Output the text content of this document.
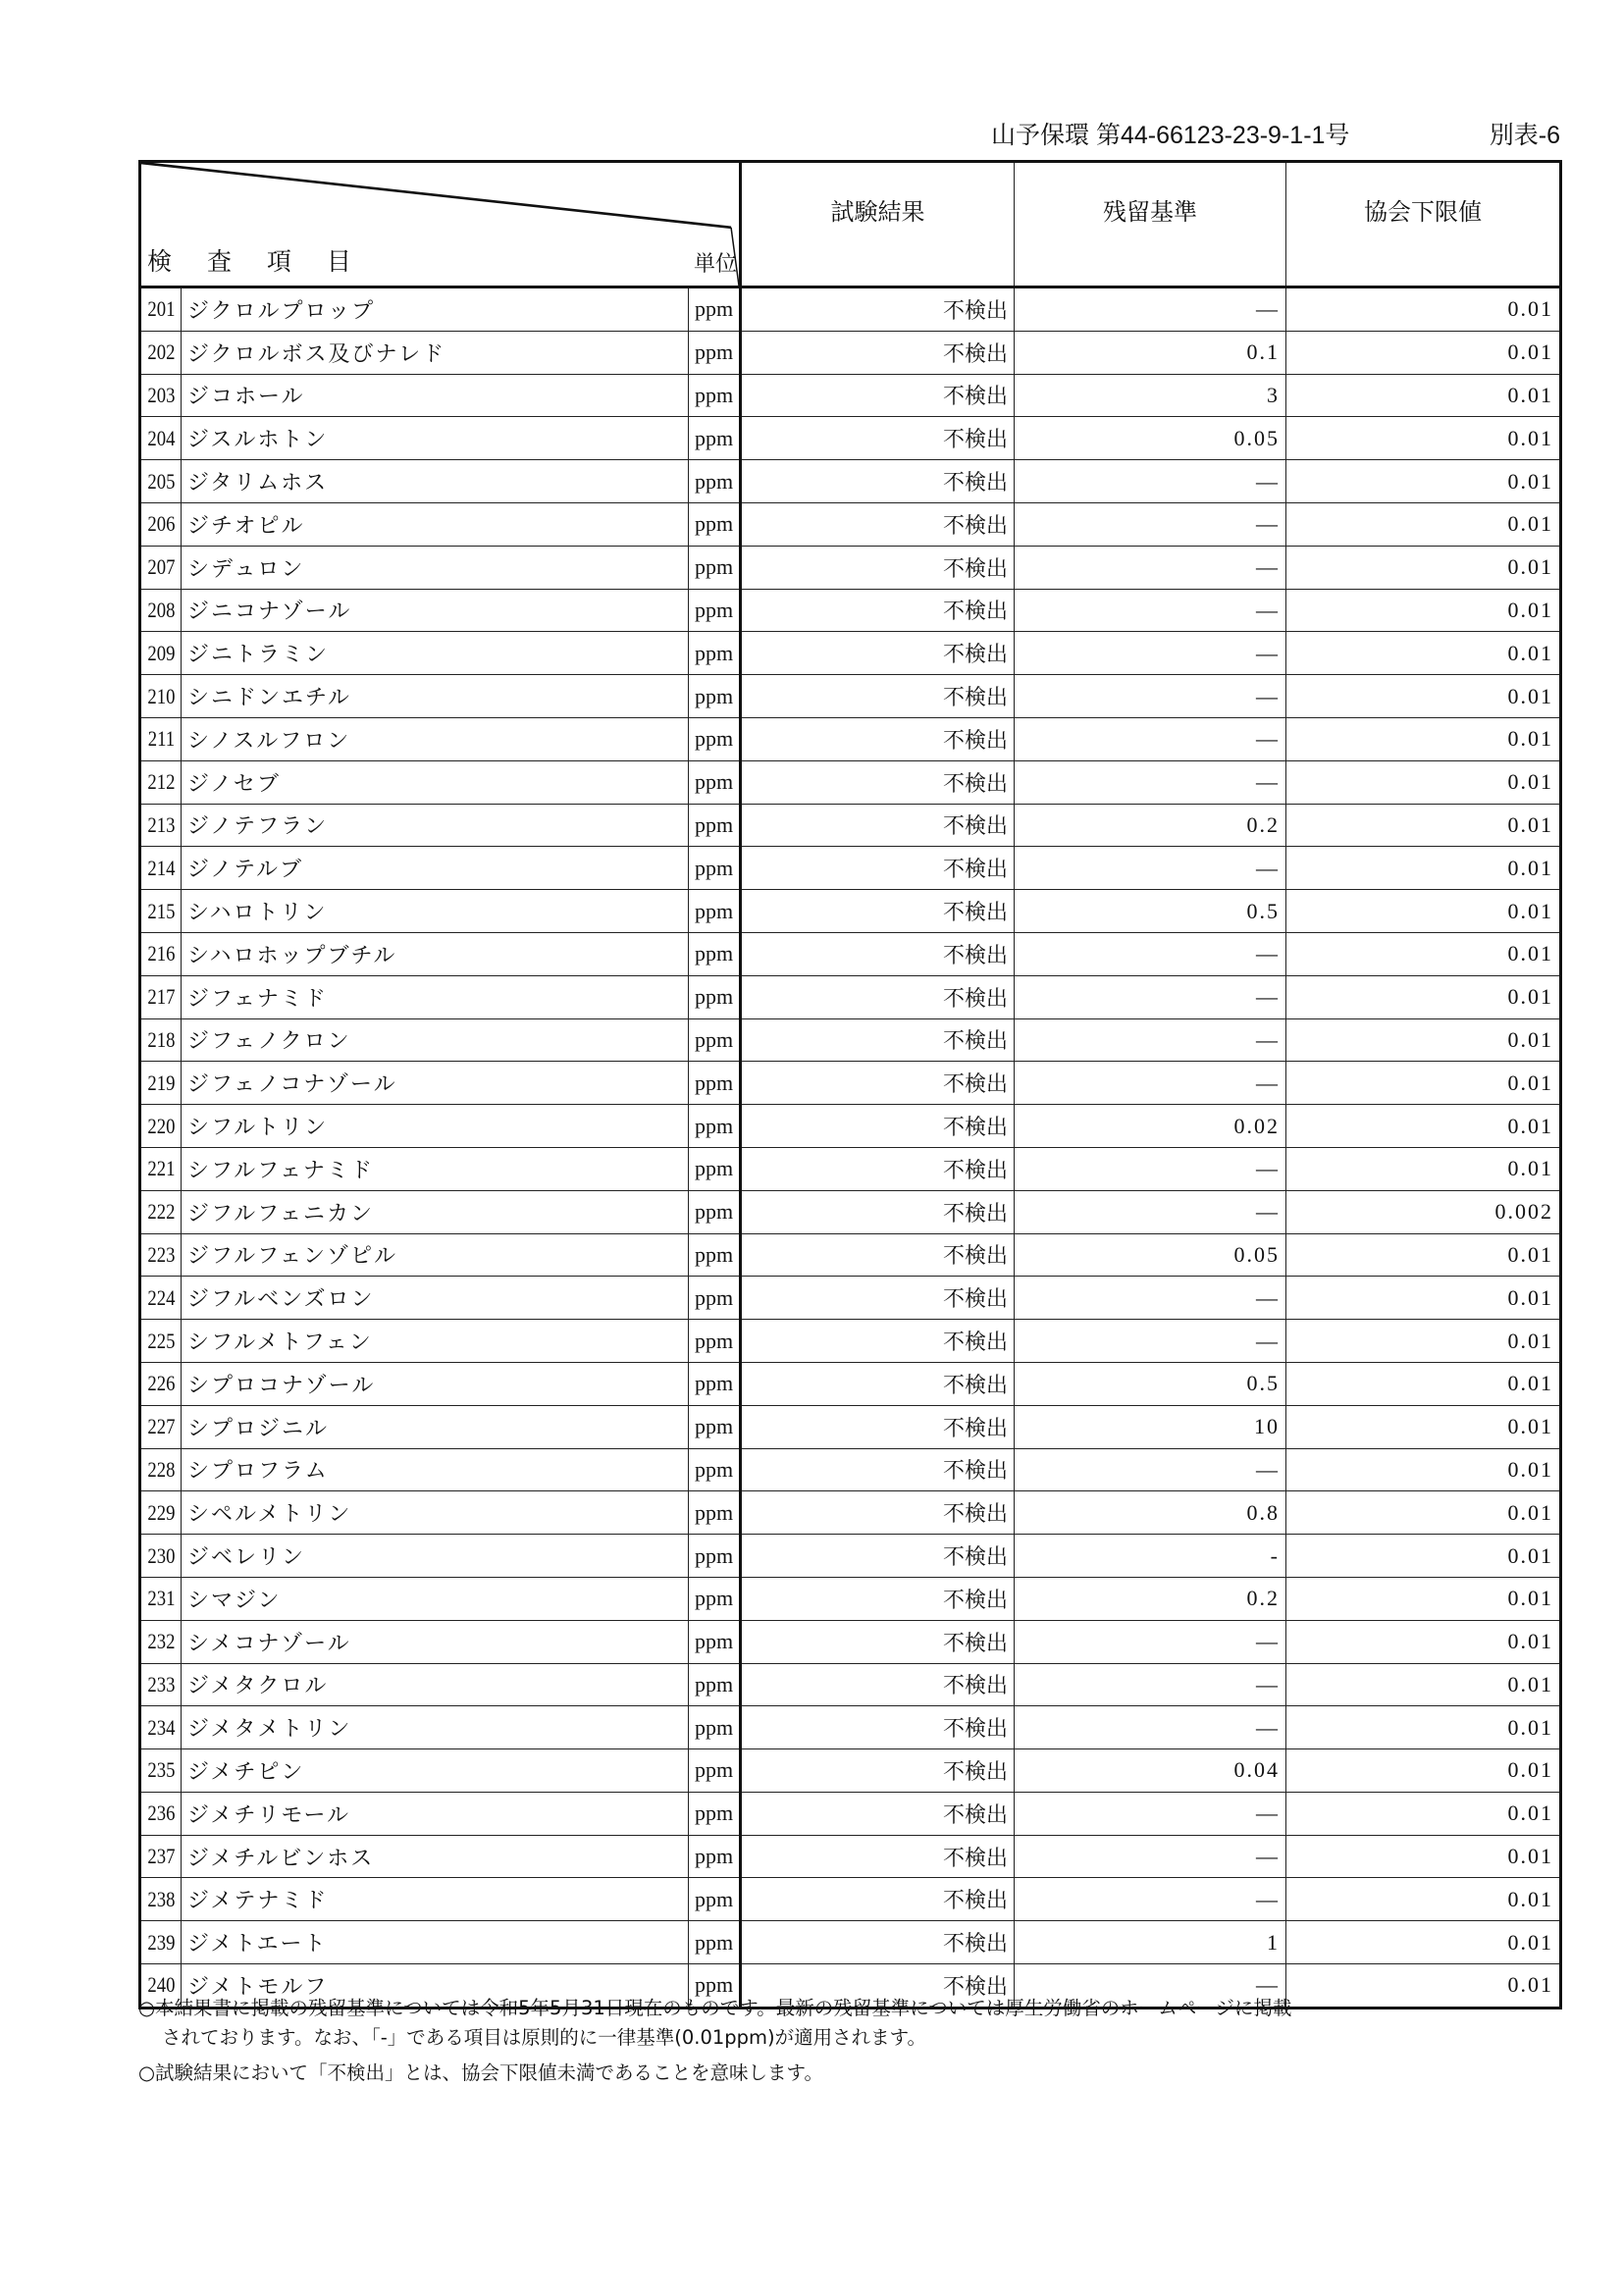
山予保環 第44-66123-23-9-1-1号	別表-6
検 査 項 目 単位			試験結果	残留基準	協会下限値
201	ジクロルプロップ	ppm	不検出	—	0.01
202	ジクロルボス及びナレド	ppm	不検出	0.1	0.01
203	ジコホール	ppm	不検出	3	0.01
204	ジスルホトン	ppm	不検出	0.05	0.01
205	ジタリムホス	ppm	不検出	—	0.01
206	ジチオピル	ppm	不検出	—	0.01
207	シデュロン	ppm	不検出	—	0.01
208	ジニコナゾール	ppm	不検出	—	0.01
209	ジニトラミン	ppm	不検出	—	0.01
210	シニドンエチル	ppm	不検出	—	0.01
211	シノスルフロン	ppm	不検出	—	0.01
212	ジノセブ	ppm	不検出	—	0.01
213	ジノテフラン	ppm	不検出	0.2	0.01
214	ジノテルブ	ppm	不検出	—	0.01
215	シハロトリン	ppm	不検出	0.5	0.01
216	シハロホップブチル	ppm	不検出	—	0.01
217	ジフェナミド	ppm	不検出	—	0.01
218	ジフェノクロン	ppm	不検出	—	0.01
219	ジフェノコナゾール	ppm	不検出	—	0.01
220	シフルトリン	ppm	不検出	0.02	0.01
221	シフルフェナミド	ppm	不検出	—	0.01
222	ジフルフェニカン	ppm	不検出	—	0.002
223	ジフルフェンゾピル	ppm	不検出	0.05	0.01
224	ジフルベンズロン	ppm	不検出	—	0.01
225	シフルメトフェン	ppm	不検出	—	0.01
226	シプロコナゾール	ppm	不検出	0.5	0.01
227	シプロジニル	ppm	不検出	10	0.01
228	シプロフラム	ppm	不検出	—	0.01
229	シペルメトリン	ppm	不検出	0.8	0.01
230	ジベレリン	ppm	不検出	-	0.01
231	シマジン	ppm	不検出	0.2	0.01
232	シメコナゾール	ppm	不検出	—	0.01
233	ジメタクロル	ppm	不検出	—	0.01
234	ジメタメトリン	ppm	不検出	—	0.01
235	ジメチピン	ppm	不検出	0.04	0.01
236	ジメチリモール	ppm	不検出	—	0.01
237	ジメチルビンホス	ppm	不検出	—	0.01
238	ジメテナミド	ppm	不検出	—	0.01
239	ジメトエート	ppm	不検出	1	0.01
240	ジメトモルフ	ppm	不検出	—	0.01

○本結果書に掲載の残留基準については令和5年5月31日現在のものです。最新の残留基準については厚生労働省のホームページに掲載

されております。なお、「-」である項目は原則的に一律基準(0.01ppm)が適用されます。

○試験結果において「不検出」とは、協会下限値未満であることを意味します。
